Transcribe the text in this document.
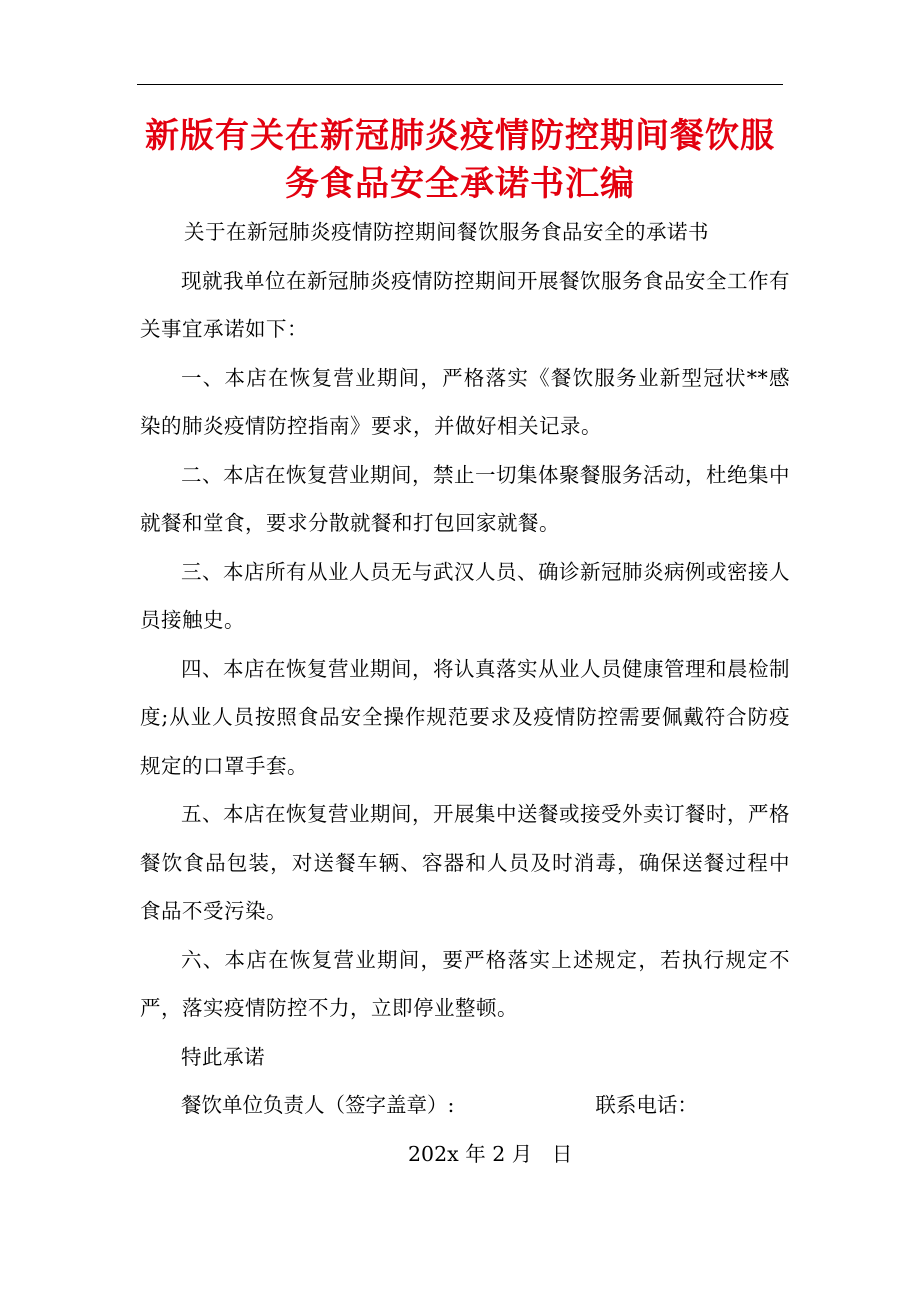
新版有关在新冠肺炎疫情防控期间餐饮服
务食品安全承诺书汇编

关于在新冠肺炎疫情防控期间餐饮服务食品安全的承诺书

现就我单位在新冠肺炎疫情防控期间开展餐饮服务食品安全工作有关事宜承诺如下：

一、本店在恢复营业期间，严格落实《餐饮服务业新型冠状**感染的肺炎疫情防控指南》要求，并做好相关记录。

二、本店在恢复营业期间，禁止一切集体聚餐服务活动，杜绝集中就餐和堂食，要求分散就餐和打包回家就餐。

三、本店所有从业人员无与武汉人员、确诊新冠肺炎病例或密接人员接触史。

四、本店在恢复营业期间，将认真落实从业人员健康管理和晨检制度;从业人员按照食品安全操作规范要求及疫情防控需要佩戴符合防疫规定的口罩手套。

五、本店在恢复营业期间，开展集中送餐或接受外卖订餐时，严格餐饮食品包装，对送餐车辆、容器和人员及时消毒，确保送餐过程中食品不受污染。

六、本店在恢复营业期间，要严格落实上述规定，若执行规定不严，落实疫情防控不力，立即停业整顿。

特此承诺

餐饮单位负责人（签字盖章）:	联系电话：

202x 年 2 月   日
